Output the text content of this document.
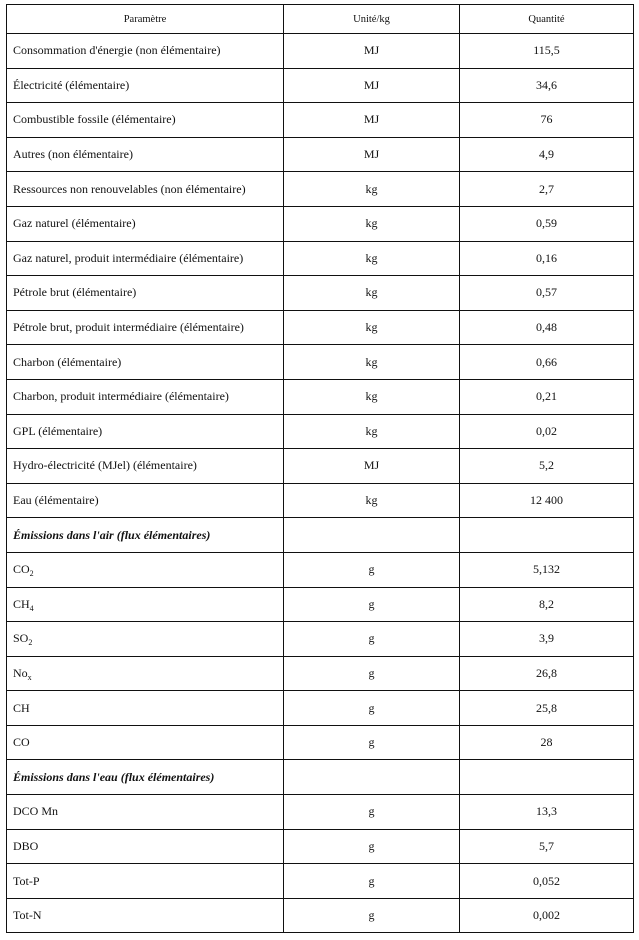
Paramètre	Unité/kg	Quantité
Consommation d'énergie (non élémentaire)	MJ	115,5
Électricité (élémentaire)	MJ	34,6
Combustible fossile (élémentaire)	MJ	76
Autres (non élémentaire)	MJ	4,9
Ressources non renouvelables (non élémentaire)	kg	2,7
Gaz naturel (élémentaire)	kg	0,59
Gaz naturel, produit intermédiaire (élémentaire)	kg	0,16
Pétrole brut (élémentaire)	kg	0,57
Pétrole brut, produit intermédiaire (élémentaire)	kg	0,48
Charbon (élémentaire)	kg	0,66
Charbon, produit intermédiaire (élémentaire)	kg	0,21
GPL (élémentaire)	kg	0,02
Hydro-électricité (MJel) (élémentaire)	MJ	5,2
Eau (élémentaire)	kg	12 400
Émissions dans l'air (flux élémentaires)		
$CO_2$	g	5,132
$CH_4$	g	8,2
$SO_2$	g	3,9
$No_x$	g	26,8
CH	g	25,8
CO	g	28
Émissions dans l'eau (flux élémentaires)		
DCO Mn	g	13,3
DBO	g	5,7
Tot-P	g	0,052
Tot-N	g	0,002
